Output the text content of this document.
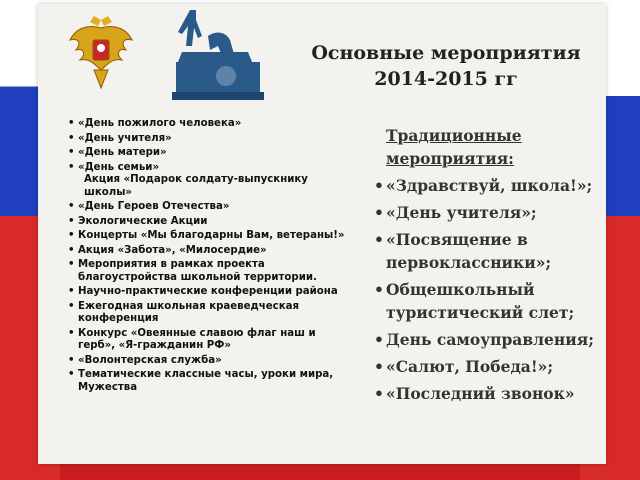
Основные мероприятия
2014-2015 гг
• «День пожилого человека»
• «День учителя»
• «День матери»
• «День семьи»
Акция «Подарок солдату-выпускнику школы»
• «День Героев Отечества»
• Экологические Акции
• Концерты «Мы благодарны Вам, ветераны!»
• Акция «Забота», «Милосердие»
• Мероприятия в рамках проекта благоустройства школьной территории.
• Научно-практические конференции района
• Ежегодная школьная краеведческая конференция
• Конкурс «Овеянные славою флаг наш и герб», «Я-гражданин РФ»
• «Волонтерская служба»
• Тематические классные часы, уроки мира, Мужества
Традиционные мероприятия:
• «Здравствуй, школа!»;
• «День учителя»;
• «Посвящение в первоклассники»;
• Общешкольный туристический слет;
• День самоуправления;
• «Салют, Победа!»;
• «Последний звонок»
